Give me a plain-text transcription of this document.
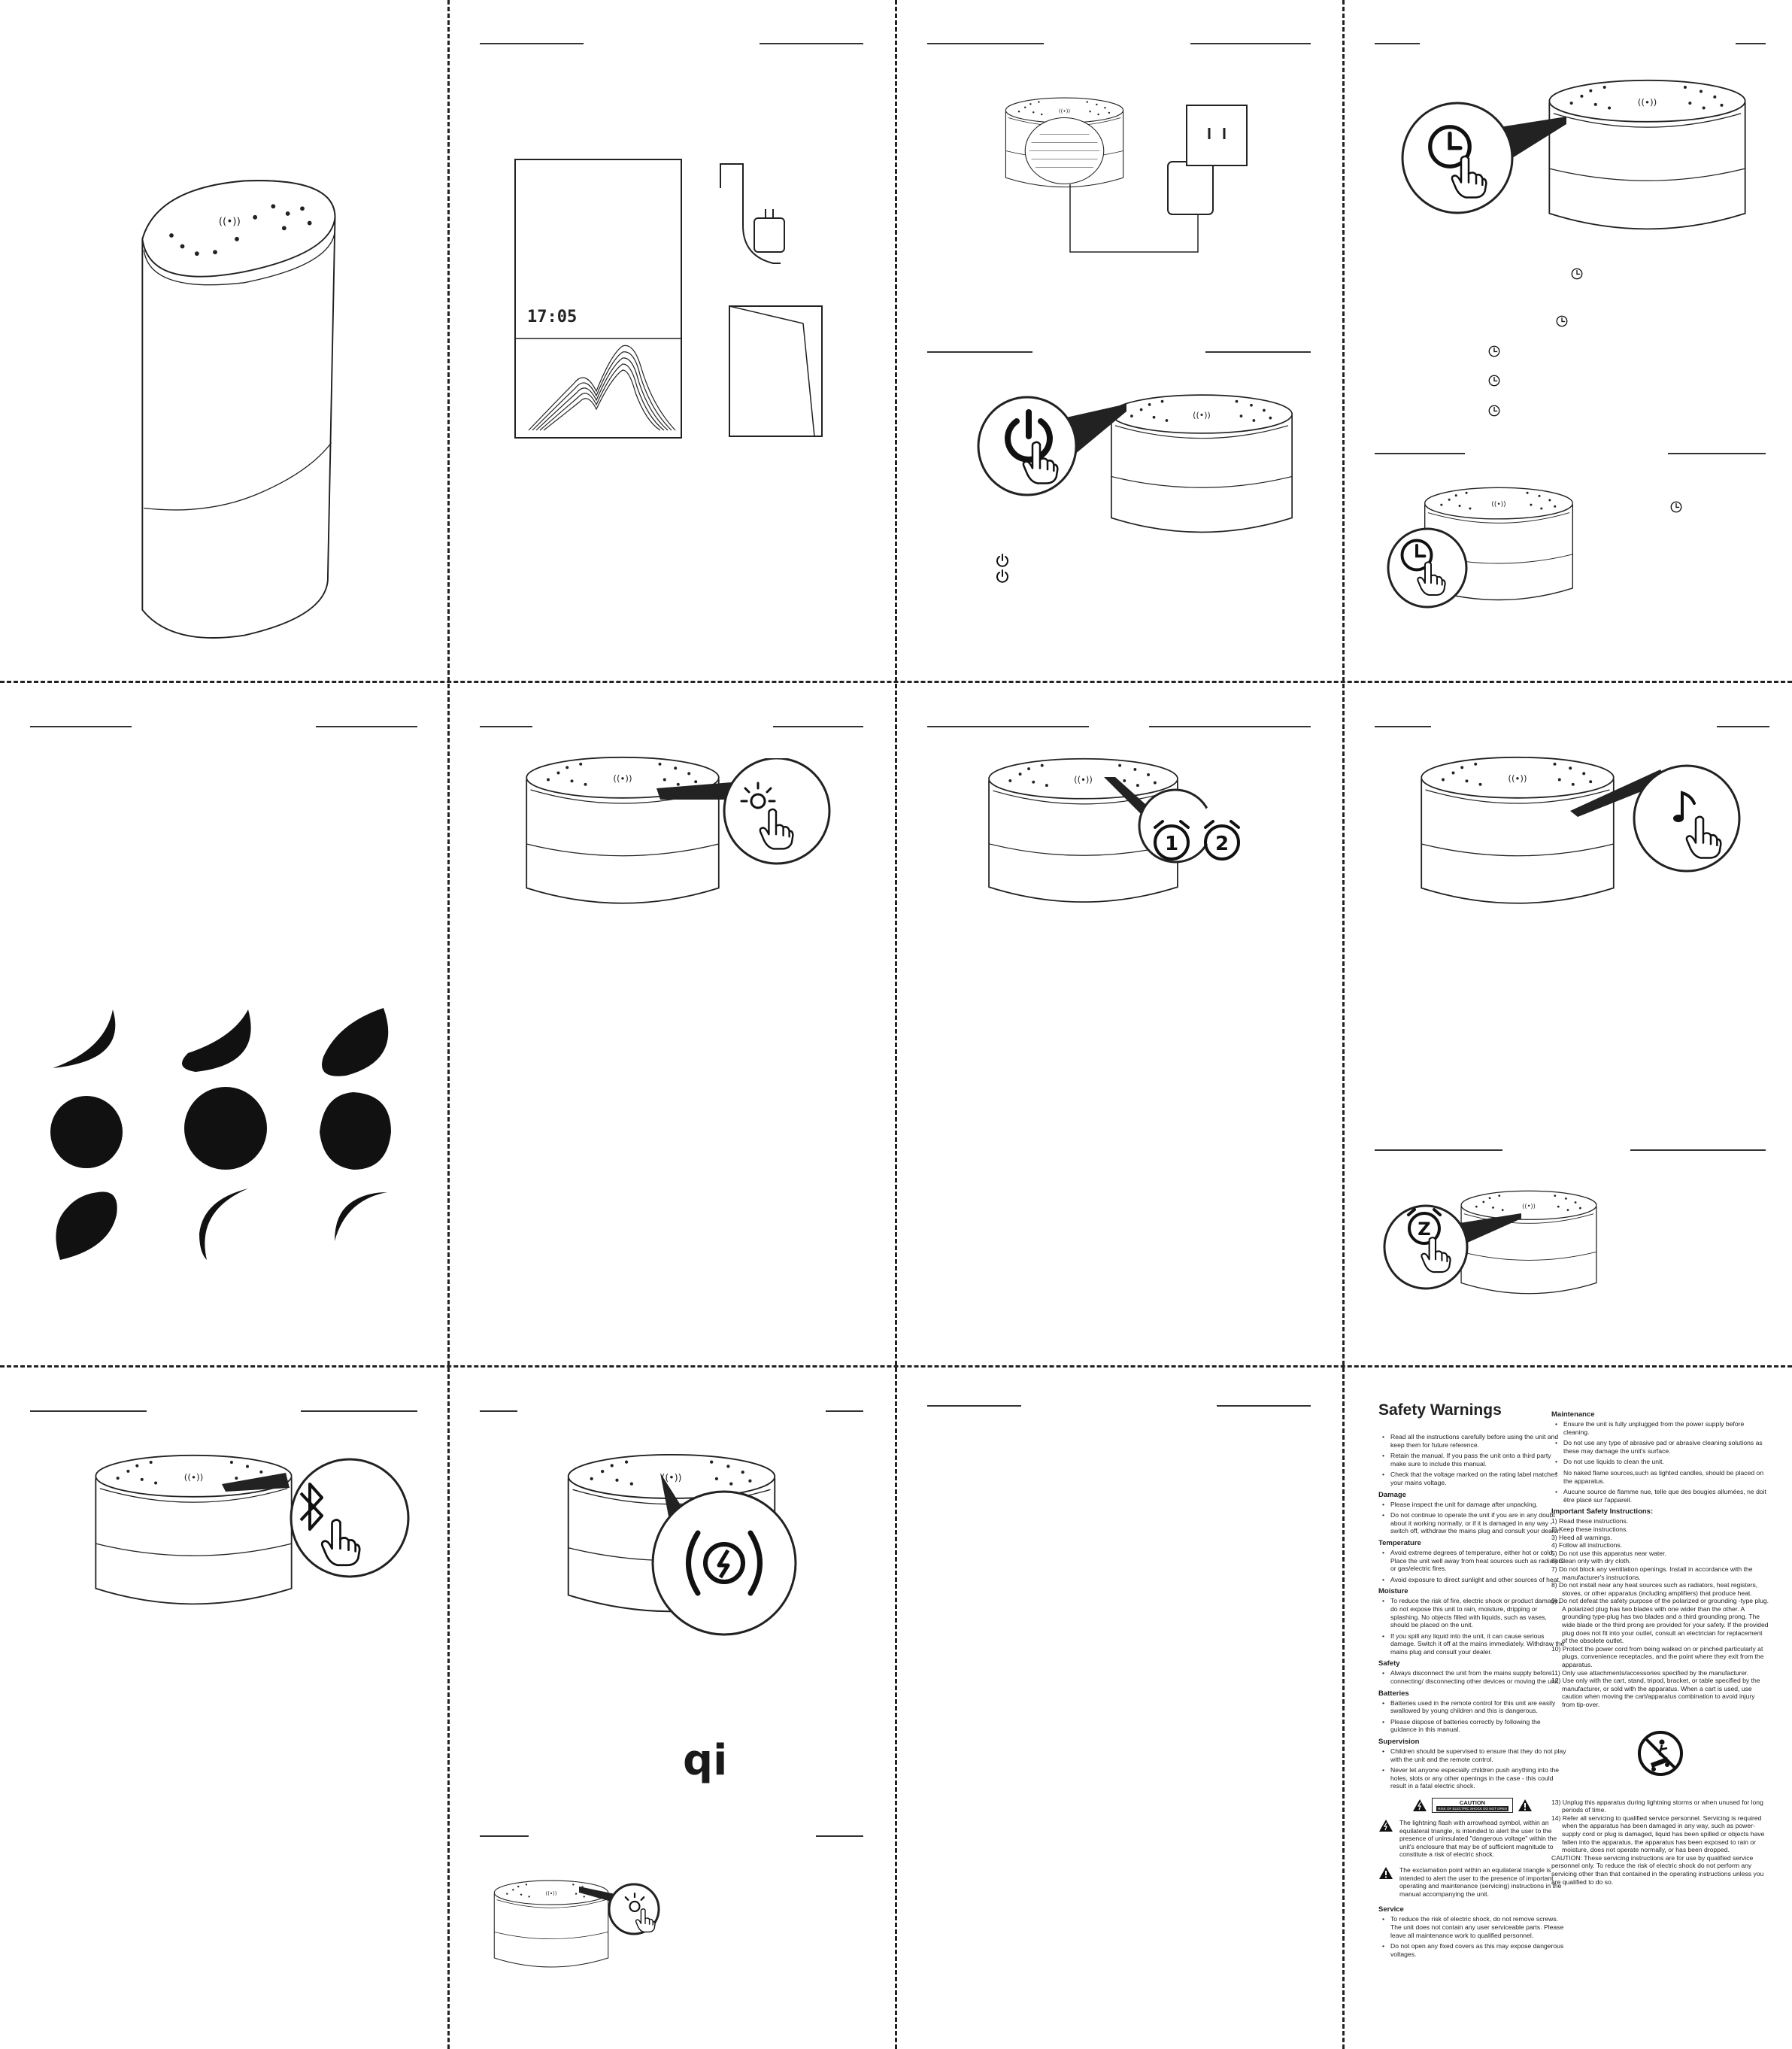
17:05
1 2
Z
qi
Safety Warnings
• Read all the instructions carefully before using the unit and keep them for future reference.
• Retain the manual. If you pass the unit onto a third party make sure to include this manual.
• Check that the voltage marked on the rating label matches your mains voltage.
Damage
• Please inspect the unit for damage after unpacking.
• Do not continue to operate the unit if you are in any doubt about it working normally, or if it is damaged in any way - switch off, withdraw the mains plug and consult your dealer.
Temperature
• Avoid extreme degrees of temperature, either hot or cold. Place the unit well away from heat sources such as radiators or gas/electric fires.
• Avoid exposure to direct sunlight and other sources of heat.
Moisture
• To reduce the risk of fire, electric shock or product damage, do not expose this unit to rain, moisture, dripping or splashing. No objects filled with liquids, such as vases, should be placed on the unit.
• If you spill any liquid into the unit, it can cause serious damage. Switch it off at the mains immediately. Withdraw the mains plug and consult your dealer.
Safety
• Always disconnect the unit from the mains supply before connecting/ disconnecting other devices or moving the unit.
Batteries
• Batteries used in the remote control for this unit are easily swallowed by young children and this is dangerous.
• Please dispose of batteries correctly by following the guidance in this manual.
Supervision
• Children should be supervised to ensure that they do not play with the unit and the remote control.
• Never let anyone especially children push anything into the holes, slots or any other openings in the case - this could result in a fatal electric shock.
CAUTION
RISK OF ELECTRIC SHOCK DO NOT OPEN

The lightning flash with arrowhead symbol, within an equilateral triangle, is intended to alert the user to the presence of uninsulated "dangerous voltage" within the unit's enclosure that may be of sufficient magnitude to constitute a risk of electric shock.

The exclamation point within an equilateral triangle is intended to alert the user to the presence of important operating and maintenance (servicing) instructions in the manual accompanying the unit.

Service
• To reduce the risk of electric shock, do not remove screws. The unit does not contain any user serviceable parts. Please leave all maintenance work to qualified personnel.
• Do not open any fixed covers as this may expose dangerous voltages.
Maintenance
• Ensure the unit is fully unplugged from the power supply before cleaning.
• Do not use any type of abrasive pad or abrasive cleaning solutions as these may damage the unit's surface.
• Do not use liquids to clean the unit.
• No naked flame sources,such as lighted candles, should be placed on the apparatus.
• Aucune source de flamme nue, telle que des bougies allumées, ne doit être placé sur l'appareil.
Important Safety Instructions:
1) Read these instructions.
2) Keep these instructions.
3) Heed all warnings.
4) Follow all instructions.
5) Do not use this apparatus near water.
6) Clean only with dry cloth.
7) Do not block any ventilation openings. Install in accordance with the manufacturer's instructions.
8) Do not install near any heat sources such as radiators, heat registers, stoves, or other apparatus (including amplifiers) that produce heat.
9) Do not defeat the safety purpose of the polarized or grounding -type plug. A polarized plug has two blades with one wider than the other. A grounding type-plug has two blades and a third grounding prong. The wide blade or the third prong are provided for your safety. If the provided plug does not fit into your outlet, consult an electrician for replacement of the obsolete outlet.
10) Protect the power cord from being walked on or pinched particularly at plugs, convenience receptacles, and the point where they exit from the apparatus.
11) Only use attachments/accessories specified by the manufacturer.
12) Use only with the cart, stand, tripod, bracket, or table specified by the manufacturer, or sold with the apparatus. When a cart is used, use caution when moving the cart/apparatus combination to avoid injury from tip-over.
13) Unplug this apparatus during lightning storms or when unused for long periods of time.
14) Refer all servicing to qualified service personnel. Servicing is required when the apparatus has been damaged in any way, such as power-supply cord or plug is damaged, liquid has been spilled or objects have fallen into the apparatus, the apparatus has been exposed to rain or moisture, does not operate normally, or has been dropped.

CAUTION: These servicing instructions are for use by qualified service personnel only. To reduce the risk of electric shock do not perform any servicing other than that contained in the operating instructions unless you are qualified to do so.
